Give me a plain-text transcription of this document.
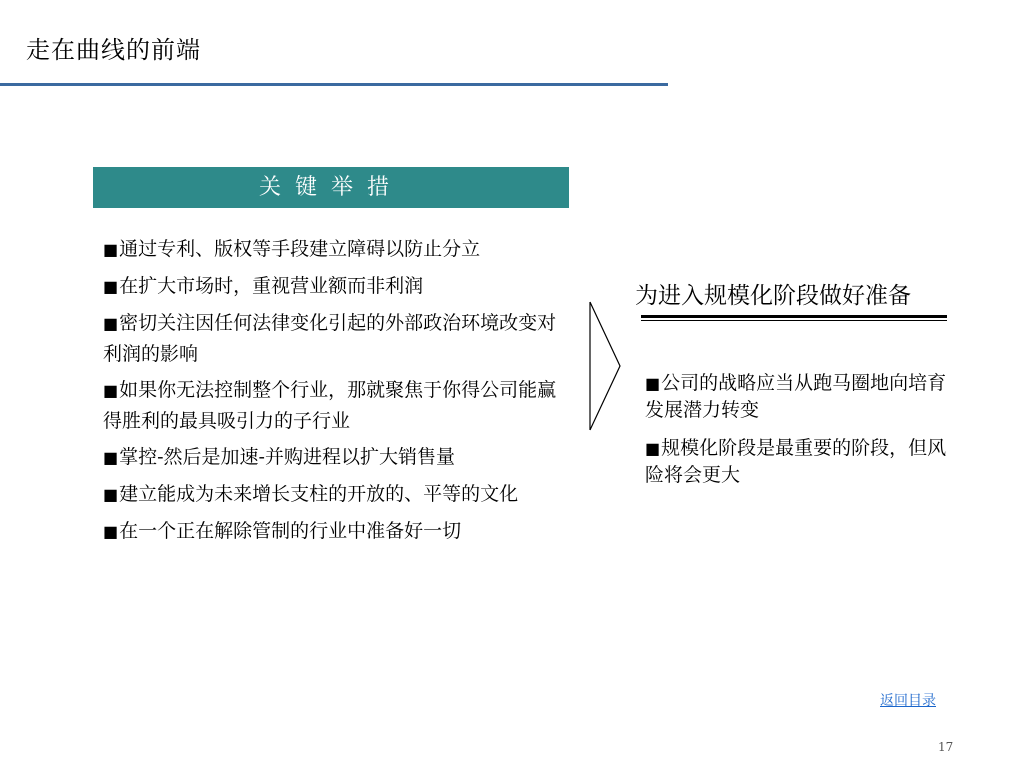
走在曲线的前端
关键举措
■通过专利、版权等手段建立障碍以防止分立
■在扩大市场时，重视营业额而非利润
■密切关注因任何法律变化引起的外部政治环境改变对利润的影响
■如果你无法控制整个行业，那就聚焦于你得公司能赢得胜利的最具吸引力的子行业
■掌控-然后是加速-并购进程以扩大销售量
■建立能成为未来增长支柱的开放的、平等的文化
■在一个正在解除管制的行业中准备好一切
为进入规模化阶段做好准备
■公司的战略应当从跑马圈地向培育发展潜力转变
■规模化阶段是最重要的阶段，但风险将会更大
返回目录
17
